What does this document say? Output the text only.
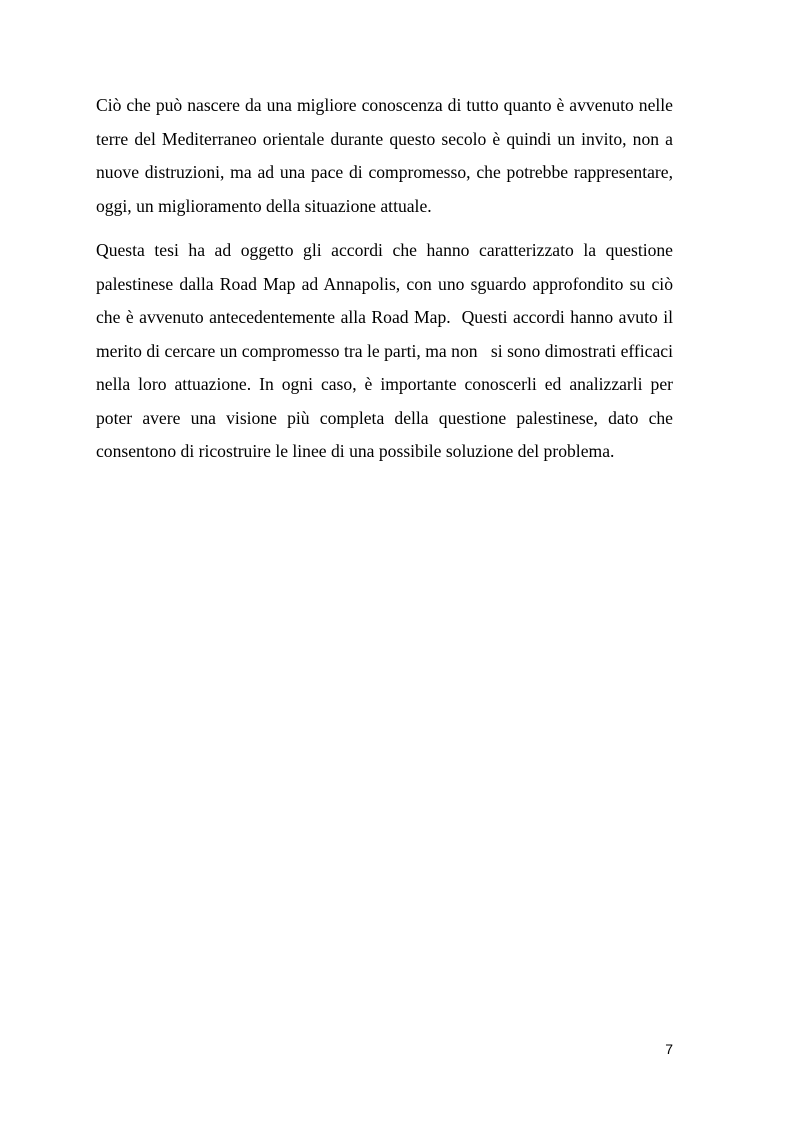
Ciò che può nascere da una migliore conoscenza di tutto quanto è avvenuto nelle terre del Mediterraneo orientale durante questo secolo è quindi un invito, non a nuove distruzioni, ma ad una pace di compromesso, che potrebbe rappresentare, oggi, un miglioramento della situazione attuale.

Questa tesi ha ad oggetto gli accordi che hanno caratterizzato la questione palestinese dalla Road Map ad Annapolis, con uno sguardo approfondito su ciò che è avvenuto antecedentemente alla Road Map.  Questi accordi hanno avuto il merito di cercare un compromesso tra le parti, ma non   si sono dimostrati efficaci nella loro attuazione. In ogni caso, è importante conoscerli ed analizzarli per poter avere una visione più completa della questione palestinese, dato che consentono di ricostruire le linee di una possibile soluzione del problema.

7
